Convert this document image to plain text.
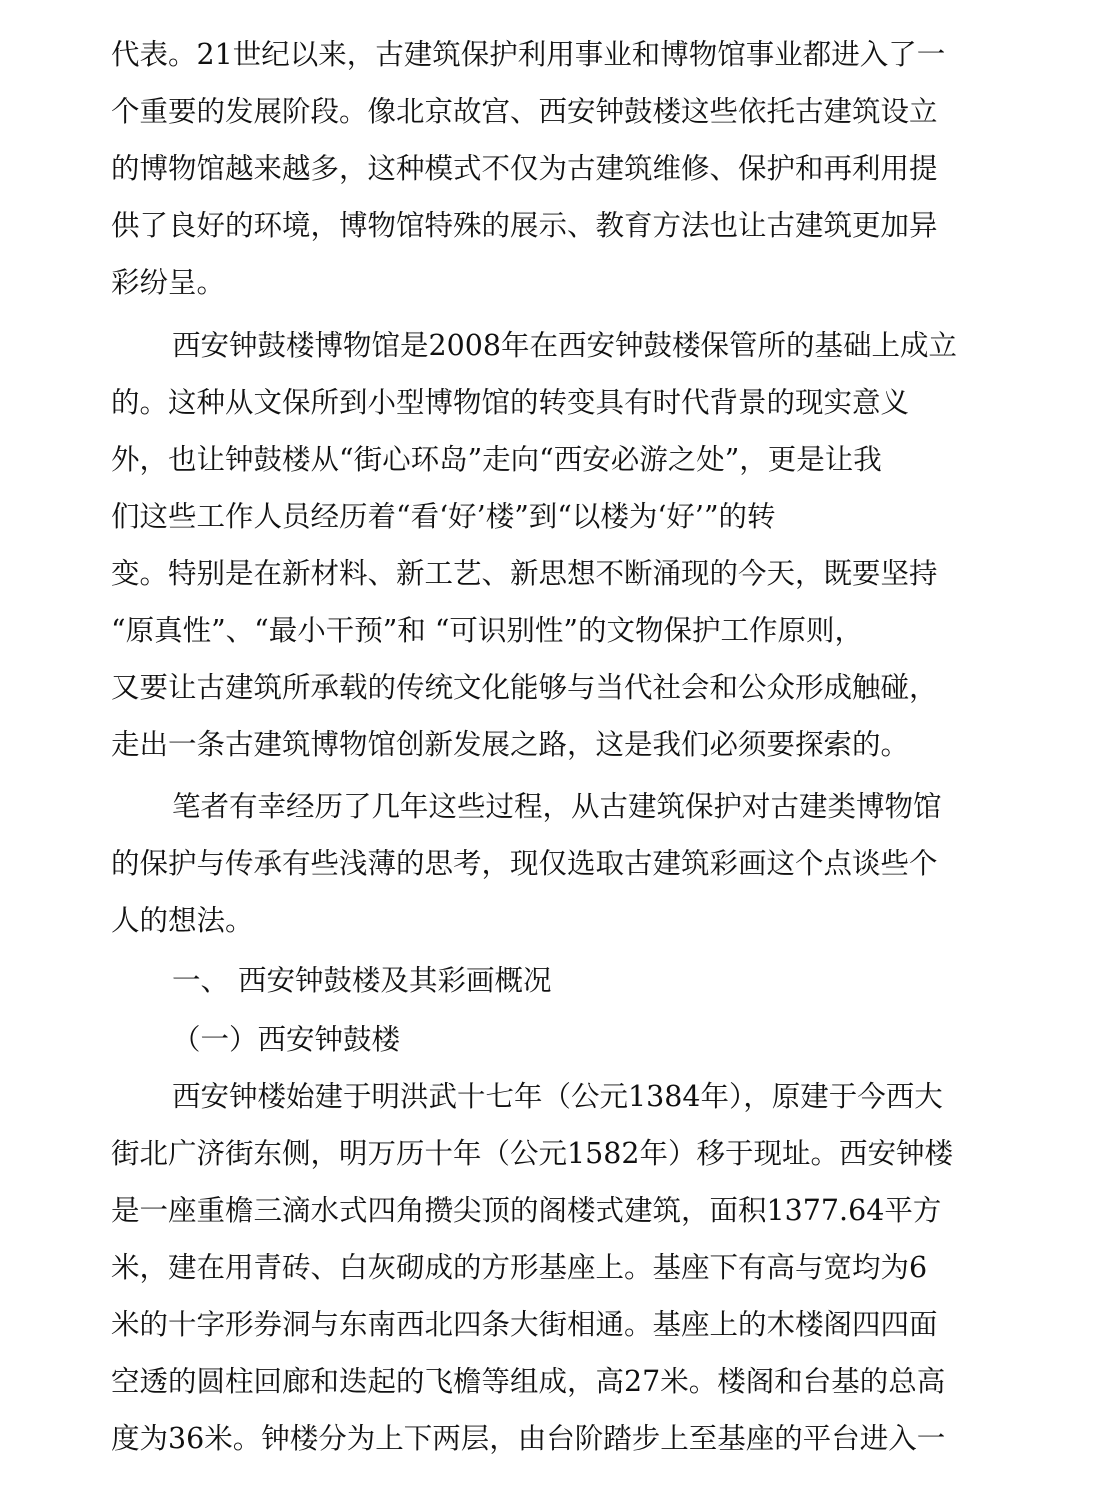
代表。21世纪以来，古建筑保护利用事业和博物馆事业都进入了一
个重要的发展阶段。像北京故宫、西安钟鼓楼这些依托古建筑设立
的博物馆越来越多，这种模式不仅为古建筑维修、保护和再利用提
供了良好的环境，博物馆特殊的展示、教育方法也让古建筑更加异
彩纷呈。
西安钟鼓楼博物馆是2008年在西安钟鼓楼保管所的基础上成立
的。这种从文保所到小型博物馆的转变具有时代背景的现实意义
外，也让钟鼓楼从“街心环岛”走向“西安必游之处”，更是让我
们这些工作人员经历着“看‘好’楼”到“以楼为‘好’”的转
变。特别是在新材料、新工艺、新思想不断涌现的今天，既要坚持
“原真性”、“最小干预”和 “可识别性”的文物保护工作原则，
又要让古建筑所承载的传统文化能够与当代社会和公众形成触碰，
走出一条古建筑博物馆创新发展之路，这是我们必须要探索的。
笔者有幸经历了几年这些过程，从古建筑保护对古建类博物馆
的保护与传承有些浅薄的思考，现仅选取古建筑彩画这个点谈些个
人的想法。
一、 西安钟鼓楼及其彩画概况
（一）西安钟鼓楼
西安钟楼始建于明洪武十七年（公元1384年），原建于今西大
街北广济街东侧，明万历十年（公元1582年）移于现址。西安钟楼
是一座重檐三滴水式四角攒尖顶的阁楼式建筑，面积1377.64平方
米，建在用青砖、白灰砌成的方形基座上。基座下有高与宽均为6
米的十字形券洞与东南西北四条大街相通。基座上的木楼阁四四面
空透的圆柱回廊和迭起的飞檐等组成，高27米。楼阁和台基的总高
度为36米。钟楼分为上下两层，由台阶踏步上至基座的平台进入一
